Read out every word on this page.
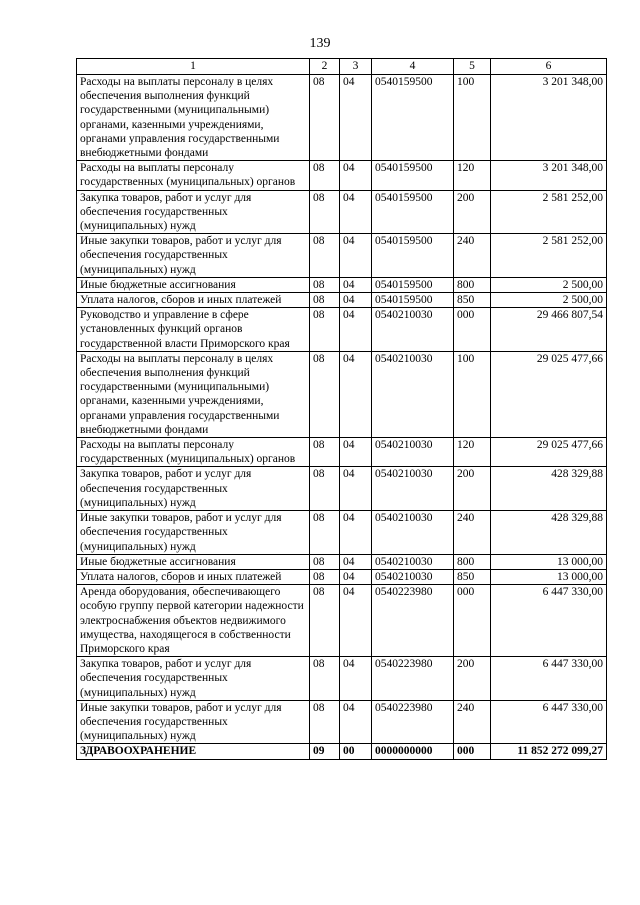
139
1	2	3	4	5	6
Расходы на выплаты персоналу в целях обеспечения выполнения функций государственными (муниципальными) органами, казенными учреждениями, органами управления государственными внебюджетными фондами	08	04	0540159500	100	3 201 348,00
Расходы на выплаты персоналу государственных (муниципальных) органов	08	04	0540159500	120	3 201 348,00
Закупка товаров, работ и услуг для обеспечения государственных (муниципальных) нужд	08	04	0540159500	200	2 581 252,00
Иные закупки товаров, работ и услуг для обеспечения государственных (муниципальных) нужд	08	04	0540159500	240	2 581 252,00
Иные бюджетные ассигнования	08	04	0540159500	800	2 500,00
Уплата налогов, сборов и иных платежей	08	04	0540159500	850	2 500,00
Руководство и управление в сфере установленных функций органов государственной власти Приморского края	08	04	0540210030	000	29 466 807,54
Расходы на выплаты персоналу в целях обеспечения выполнения функций государственными (муниципальными) органами, казенными учреждениями, органами управления государственными внебюджетными фондами	08	04	0540210030	100	29 025 477,66
Расходы на выплаты персоналу государственных (муниципальных) органов	08	04	0540210030	120	29 025 477,66
Закупка товаров, работ и услуг для обеспечения государственных (муниципальных) нужд	08	04	0540210030	200	428 329,88
Иные закупки товаров, работ и услуг для обеспечения государственных (муниципальных) нужд	08	04	0540210030	240	428 329,88
Иные бюджетные ассигнования	08	04	0540210030	800	13 000,00
Уплата налогов, сборов и иных платежей	08	04	0540210030	850	13 000,00
Аренда оборудования, обеспечивающего особую группу первой категории надежности электроснабжения объектов недвижимого имущества, находящегося в собственности Приморского края	08	04	0540223980	000	6 447 330,00
Закупка товаров, работ и услуг для обеспечения государственных (муниципальных) нужд	08	04	0540223980	200	6 447 330,00
Иные закупки товаров, работ и услуг для обеспечения государственных (муниципальных) нужд	08	04	0540223980	240	6 447 330,00
ЗДРАВООХРАНЕНИЕ	09	00	0000000000	000	11 852 272 099,27
